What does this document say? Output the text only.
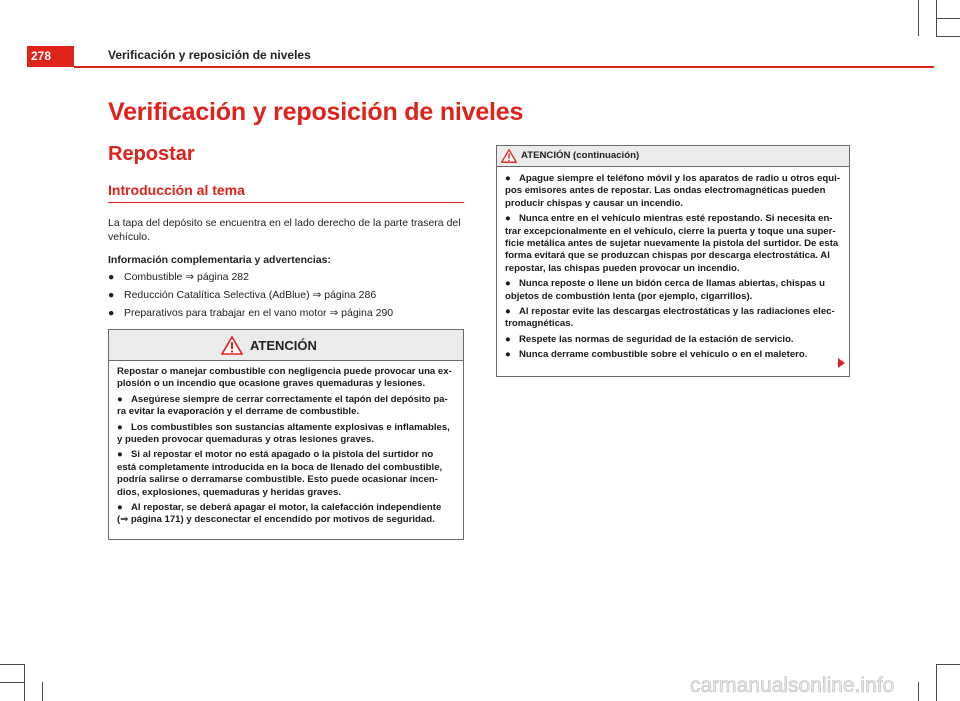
278	Verificación y reposición de niveles
Verificación y reposición de niveles
Repostar
Introducción al tema

La tapa del depósito se encuentra en el lado derecho de la parte trasera del vehículo.

Información complementaria y advertencias:

● Combustible ⇒ página 282
● Reducción Catalítica Selectiva (AdBlue) ⇒ página 286
● Preparativos para trabajar en el vano motor ⇒ página 290
ATENCIÓN

Repostar o manejar combustible con negligencia puede provocar una ex-plosión o un incendio que ocasione graves quemaduras y lesiones.

● Asegúrese siempre de cerrar correctamente el tapón del depósito pa-ra evitar la evaporación y el derrame de combustible.

● Los combustibles son sustancias altamente explosivas e inflamables, y pueden provocar quemaduras y otras lesiones graves.

● Si al repostar el motor no está apagado o la pistola del surtidor no está completamente introducida en la boca de llenado del combustible, podría salirse o derramarse combustible. Esto puede ocasionar incen-dios, explosiones, quemaduras y heridas graves.

● Al repostar, se deberá apagar el motor, la calefacción independiente (⇒ página 171) y desconectar el encendido por motivos de seguridad.

ATENCIÓN (continuación)

● Apague siempre el teléfono móvil y los aparatos de radio u otros equi-pos emisores antes de repostar. Las ondas electromagnéticas pueden producir chispas y causar un incendio.

● Nunca entre en el vehículo mientras esté repostando. Si necesita en-trar excepcionalmente en el vehículo, cierre la puerta y toque una super-ficie metálica antes de sujetar nuevamente la pistola del surtidor. De esta forma evitará que se produzcan chispas por descarga electrostática. Al repostar, las chispas pueden provocar un incendio.

● Nunca reposte o llene un bidón cerca de llamas abiertas, chispas u objetos de combustión lenta (por ejemplo, cigarrillos).

● Al repostar evite las descargas electrostáticas y las radiaciones elec-tromagnéticas.

● Respete las normas de seguridad de la estación de servicio.

● Nunca derrame combustible sobre el vehículo o en el maletero.

carmanualsonline.info
